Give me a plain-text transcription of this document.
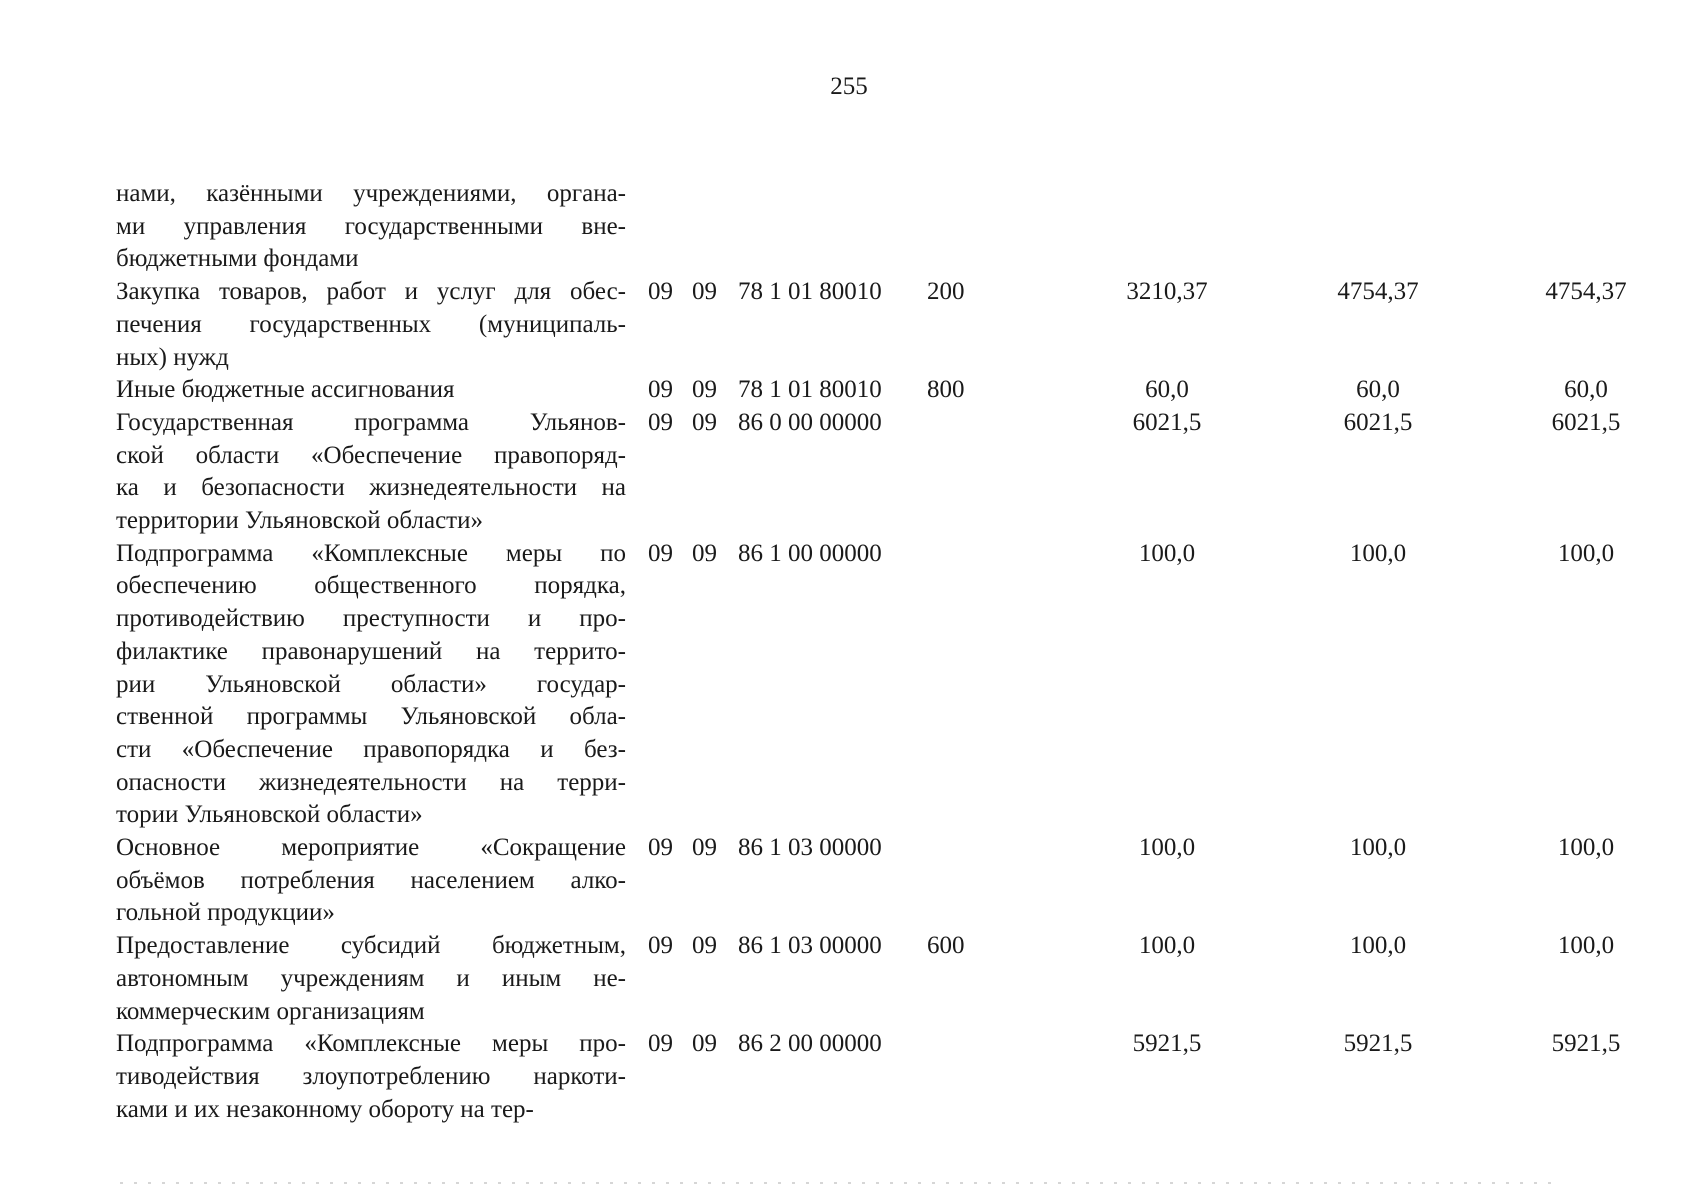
255
нами, казёнными учреждениями, органа-
ми управления государственными вне-
бюджетными фондами
Закупка товаров, работ и услуг для обес-
печения государственных (муниципаль-
ных) нужд
09 09 78 1 01 80010 200	3210,37	4754,37	4754,37
Иные бюджетные ассигнования	09 09 78 1 01 80010 800	60,0	60,0	60,0
Государственная программа Ульянов-
ской области «Обеспечение правопоряд-
ка и безопасности жизнедеятельности на
территории Ульяновской области»
09 09 86 0 00 00000	6021,5	6021,5	6021,5
Подпрограмма «Комплексные меры по
обеспечению общественного порядка,
противодействию преступности и про-
филактике правонарушений на террито-
рии Ульяновской области» государ-
ственной программы Ульяновской обла-
сти «Обеспечение правопорядка и без-
опасности жизнедеятельности на терри-
тории Ульяновской области»
09 09 86 1 00 00000	100,0	100,0	100,0
Основное мероприятие «Сокращение
объёмов потребления населением алко-
гольной продукции»
09 09 86 1 03 00000	100,0	100,0	100,0
Предоставление субсидий бюджетным,
автономным учреждениям и иным не-
коммерческим организациям
09 09 86 1 03 00000 600	100,0	100,0	100,0
Подпрограмма «Комплексные меры про-
тиводействия злоупотреблению наркоти-
ками и их незаконному обороту на тер-
09 09 86 2 00 00000	5921,5	5921,5	5921,5
